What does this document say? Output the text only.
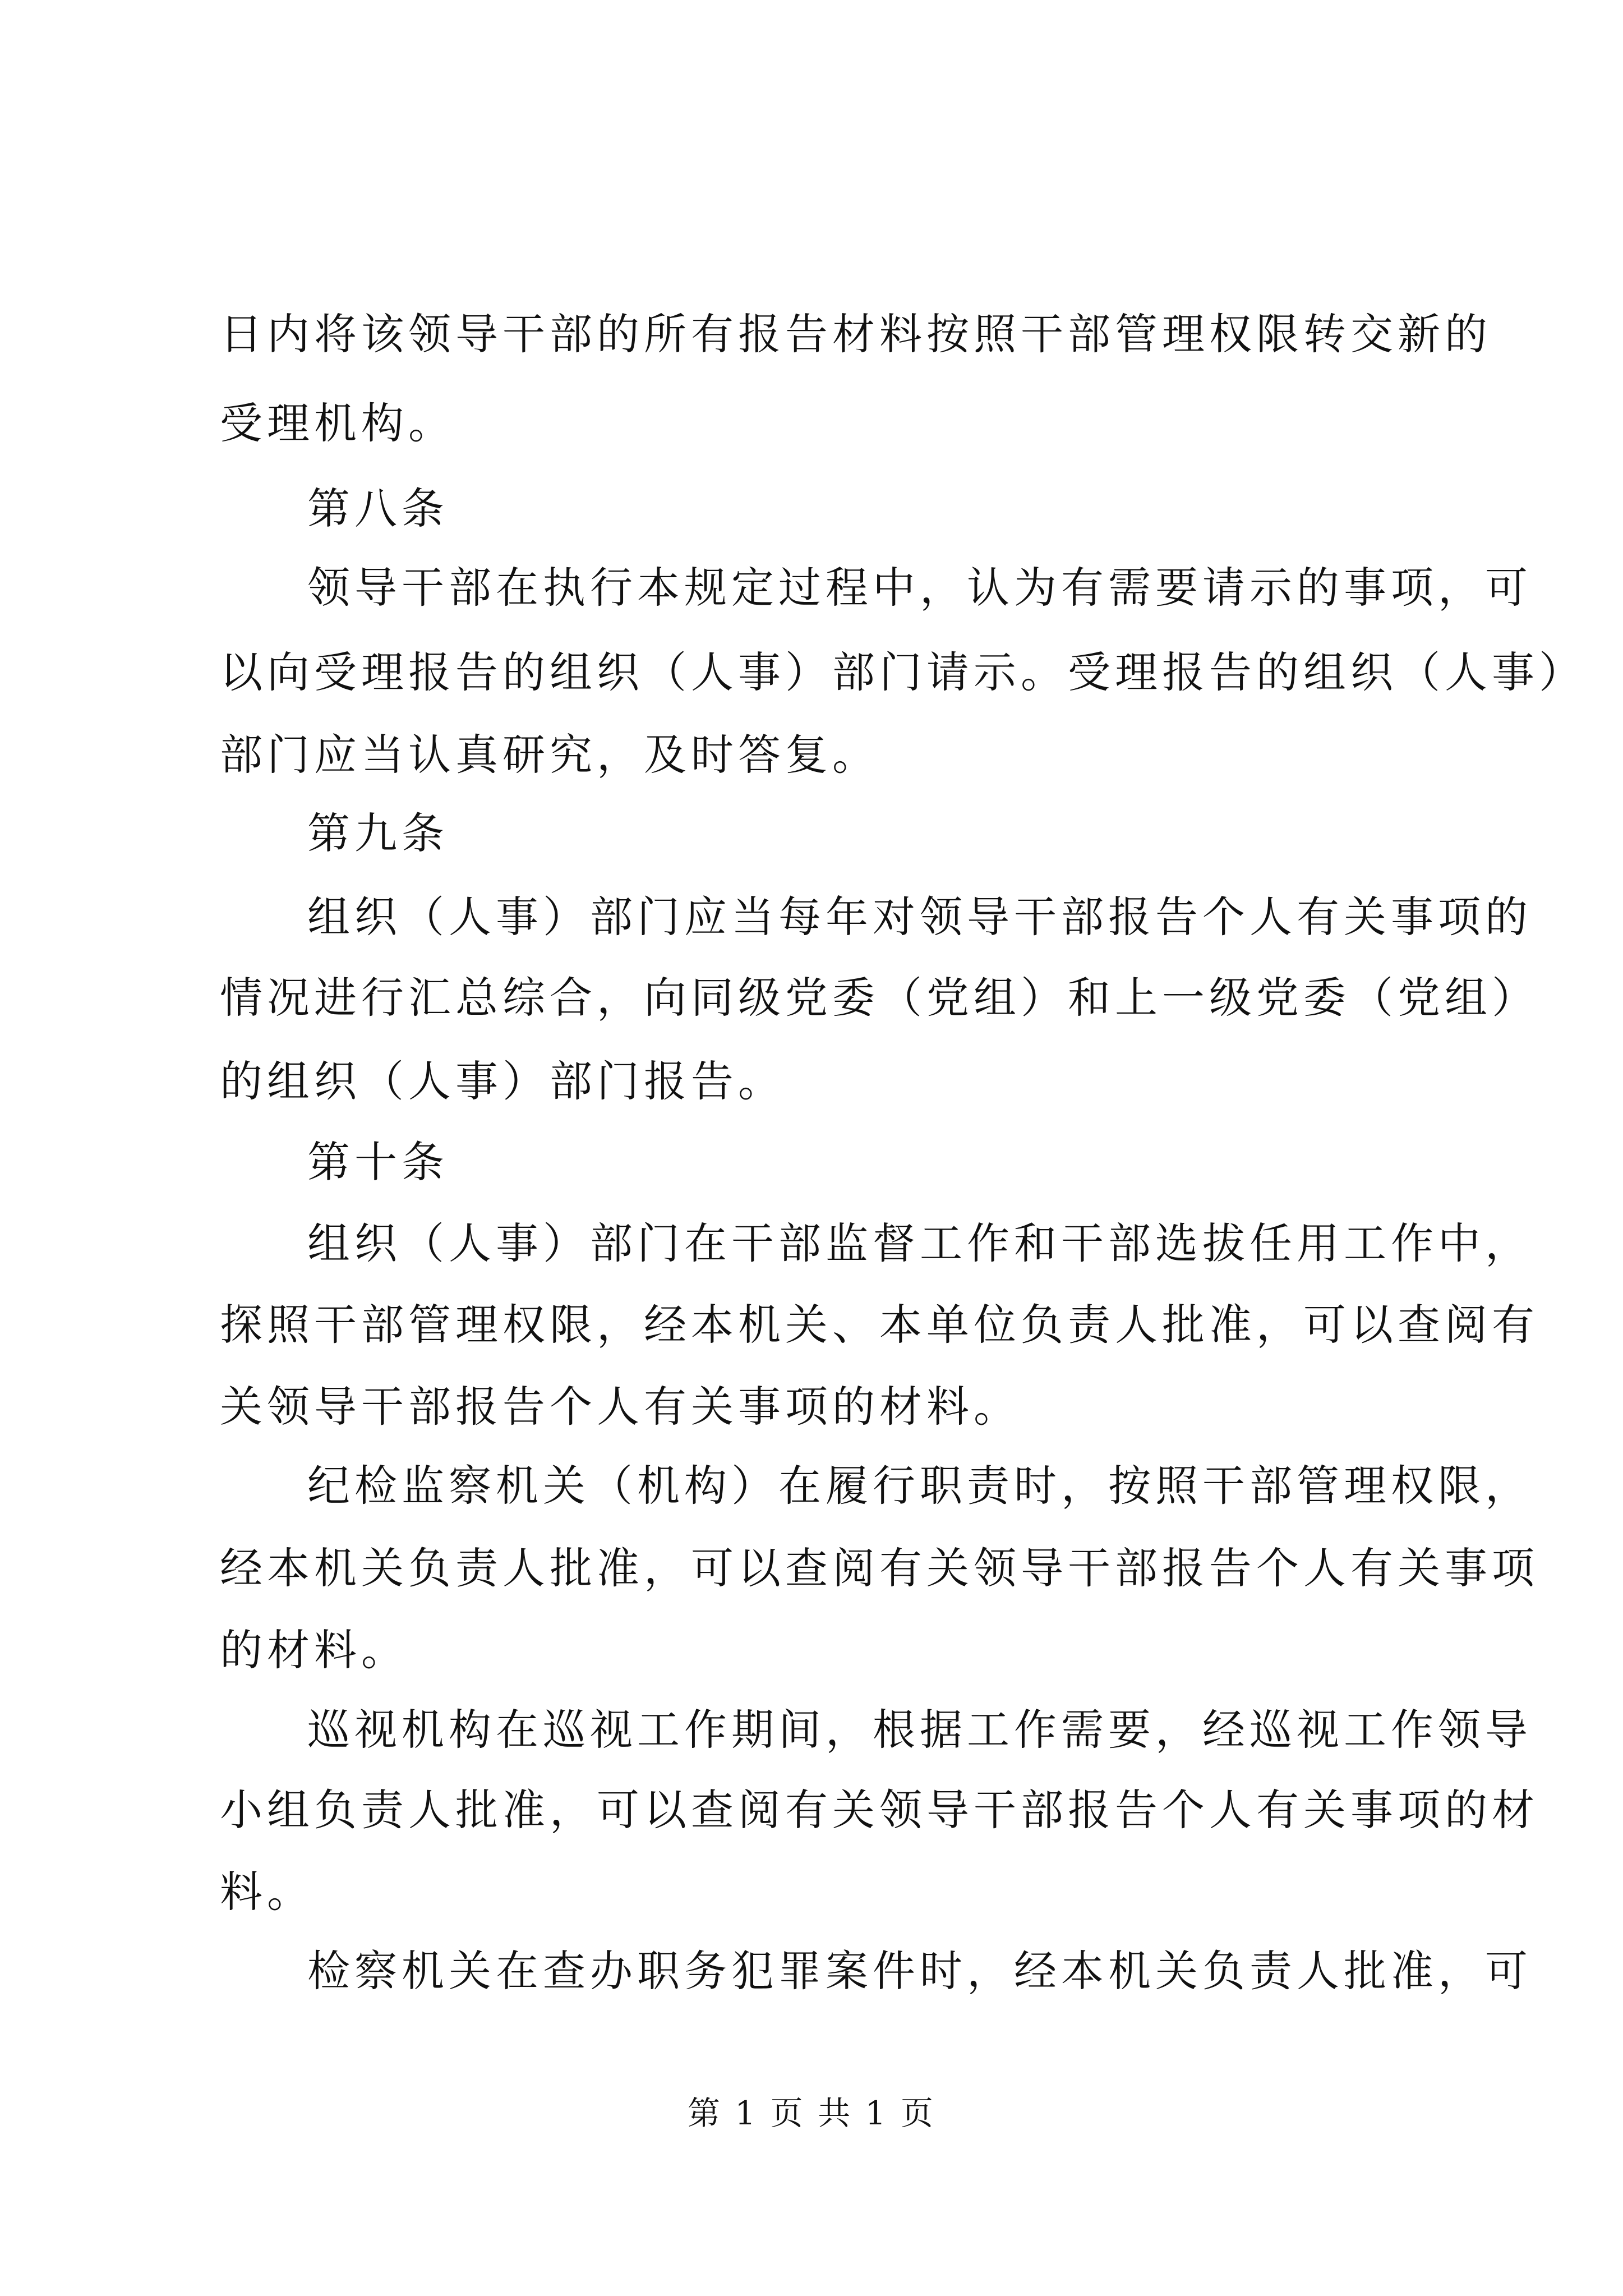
日内将该领导干部的所有报告材料按照干部管理权限转交新的
受理机构。
第八条
领导干部在执行本规定过程中，认为有需要请示的事项，可
以向受理报告的组织（人事）部门请示。受理报告的组织（人事）
部门应当认真研究，及时答复。
第九条
组织（人事）部门应当每年对领导干部报告个人有关事项的
情况进行汇总综合，向同级党委（党组）和上一级党委（党组）
的组织（人事）部门报告。
第十条
组织（人事）部门在干部监督工作和干部选拔任用工作中，
探照干部管理权限，经本机关、本单位负责人批准，可以查阅有
关领导干部报告个人有关事项的材料。
纪检监察机关（机构）在履行职责时，按照干部管理权限，
经本机关负责人批准，可以查阅有关领导干部报告个人有关事项
的材料。
巡视机构在巡视工作期间，根据工作需要，经巡视工作领导
小组负责人批准，可以查阅有关领导干部报告个人有关事项的材
料。
检察机关在查办职务犯罪案件时，经本机关负责人批准，可
第 1 页 共 1 页
